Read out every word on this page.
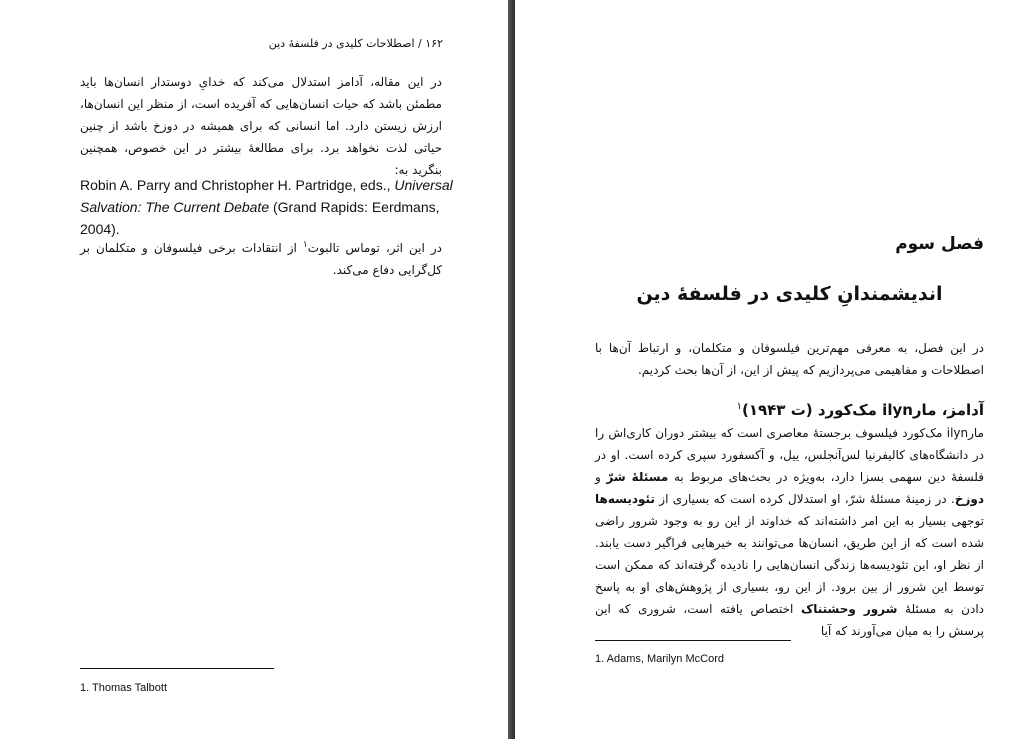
۱۶۲ / اصطلاحات کلیدی در فلسفهٔ دین

در این مقاله، آدامز استدلال می‌کند که خدایِ دوستدار انسان‌ها باید مطمئن باشد که حیات انسان‌هایی که آفریده است، از منظر این انسان‌ها، ارزش زیستن دارد. اما انسانی که برای همیشه در دوزخ باشد از چنین حیاتی لذت نخواهد برد. برای مطالعهٔ بیشتر در این خصوص، همچنین بنگرید به:

Robin A. Parry and Christopher H. Partridge, eds., Universal Salvation: The Current Debate (Grand Rapids: Eerdmans, 2004).

در این اثر، توماس تالبوت$^۱$ از انتقادات برخی فیلسوفان و متکلمان بر کل‌گرایی دفاع می‌کند.

1. Thomas Talbott

فصل سوم
اندیشمندانِ کلیدی در فلسفهٔ دین

در این فصل، به معرفی مهم‌ترین فیلسوفان و متکلمان، و ارتباط آن‌ها با اصطلاحات و مفاهیمی می‌پردازیم که پیش از این، از آن‌ها بحث کردیم.

آدامز، مارilyn مک‌کورد (ت ۱۹۴۳)$^۱$

مارilyn مک‌کورد فیلسوف برجستهٔ معاصری است که بیشتر دوران کاری‌اش را در دانشگاه‌های کالیفرنیا لس‌آنجلس، ییل، و آکسفورد سپری کرده است. او در فلسفهٔ دین سهمی بسزا دارد، به‌ویژه در بحث‌های مربوط به مسئلهٔ شرّ و دوزخ. در زمینهٔ مسئلهٔ شرّ، او استدلال کرده است که بسیاری از تئودیسه‌ها توجهی بسیار به این امر داشته‌اند که خداوند از این رو به وجود شرور راضی شده است که از این طریق، انسان‌ها می‌توانند به خیرهایی فراگیر دست یابند. از نظر او، این تئودیسه‌ها زندگی انسان‌هایی را نادیده گرفته‌اند که ممکن است توسط این شرور از بین برود. از این رو، بسیاری از پژوهش‌های او به پاسخ دادن به مسئلهٔ شرور وحشتناک اختصاص یافته است، شروری که این پرسش را به میان می‌آورند که آیا

1. Adams, Marilyn McCord
